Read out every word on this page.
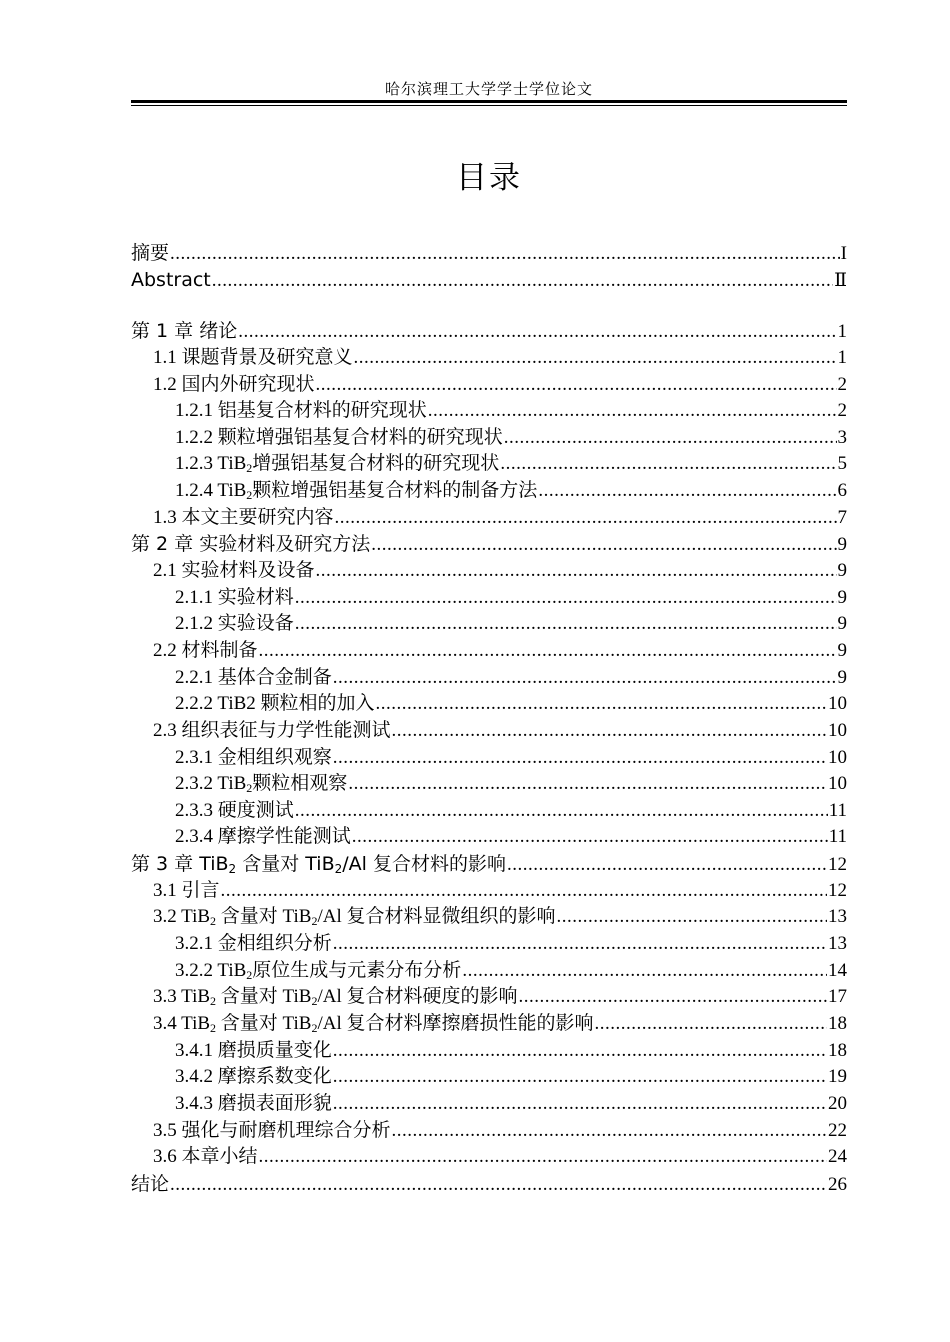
哈尔滨理工大学学士学位论文
目录
摘要 .....	I
Abstract .....	Ⅱ
第 1 章 绪论 .....	1
1.1 课题背景及研究意义 .....	1
1.2 国内外研究现状 .....	2
1.2.1 铝基复合材料的研究现状 .....	2
1.2.2 颗粒增强铝基复合材料的研究现状 .....	3
1.2.3 TiB$_2$增强铝基复合材料的研究现状 .....	5
1.2.4 TiB$_2$颗粒增强铝基复合材料的制备方法 .....	6
1.3 本文主要研究内容 .....	7
第 2 章 实验材料及研究方法 .....	9
2.1 实验材料及设备 .....	9
2.1.1 实验材料 .....	9
2.1.2 实验设备 .....	9
2.2 材料制备 .....	9
2.2.1 基体合金制备 .....	9
2.2.2 TiB2 颗粒相的加入 .....	10
2.3 组织表征与力学性能测试 .....	10
2.3.1 金相组织观察 .....	10
2.3.2 TiB$_2$颗粒相观察 .....	10
2.3.3 硬度测试 .....	11
2.3.4 摩擦学性能测试 .....	11
第 3 章 TiB$_2$ 含量对 TiB$_2$/Al 复合材料的影响 .....	12
3.1 引言 .....	12
3.2 TiB$_2$ 含量对 TiB$_2$/Al 复合材料显微组织的影响 .....	13
3.2.1 金相组织分析 .....	13
3.2.2 TiB$_2$原位生成与元素分布分析 .....	14
3.3 TiB$_2$ 含量对 TiB$_2$/Al 复合材料硬度的影响 .....	17
3.4 TiB$_2$ 含量对 TiB$_2$/Al 复合材料摩擦磨损性能的影响 .....	18
3.4.1 磨损质量变化 .....	18
3.4.2 摩擦系数变化 .....	19
3.4.3 磨损表面形貌 .....	20
3.5 强化与耐磨机理综合分析 .....	22
3.6 本章小结 .....	24
结论 .....	26
